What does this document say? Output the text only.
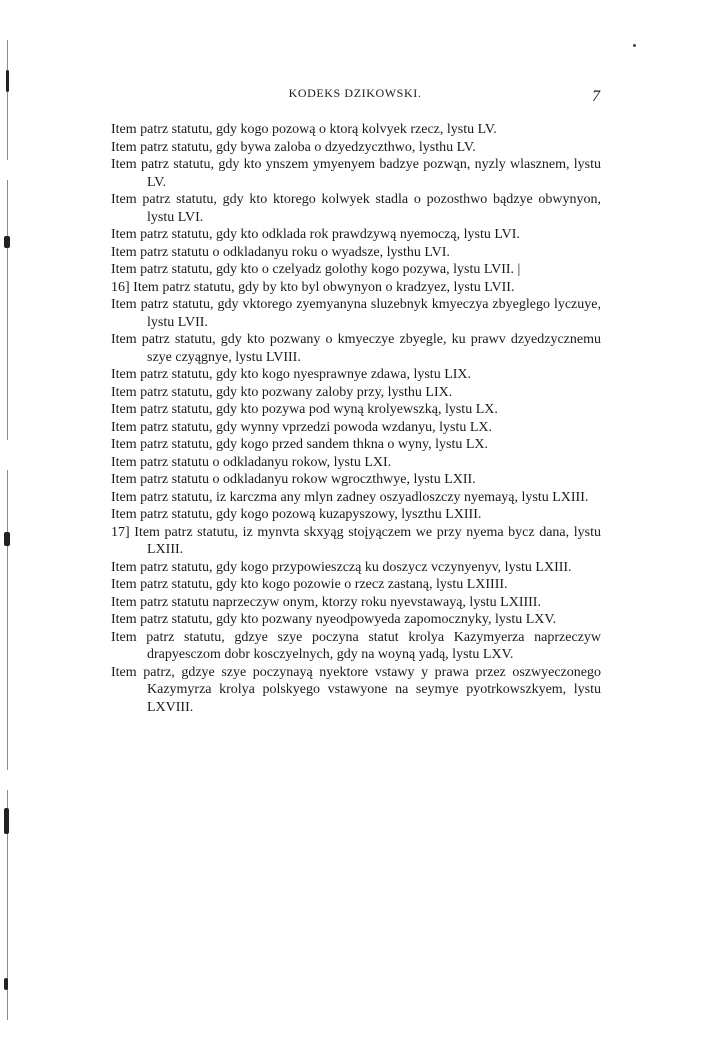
KODEKS DZIKOWSKI.	7

Item patrz statutu, gdy kogo pozową o ktorą kolvyek rzecz, lystu LV.

Item patrz statutu, gdy bywa zaloba o dzyedzyczthwo, lysthu LV.

Item patrz statutu, gdy kto ynszem ymyenyem badzye pozwąn, nyzly wlasznem, lystu LV.

Item patrz statutu, gdy kto ktorego kolwyek stadla o pozosthwo bądzye obwynyon, lystu LVI.

Item patrz statutu, gdy kto odklada rok prawdzywą nyemoczą, lystu LVI.

Item patrz statutu o odkladanyu roku o wyadsze, lysthu LVI.

Item patrz statutu, gdy kto o czelyadz golothy kogo pozywa, lystu LVII. |

16] Item patrz statutu, gdy by kto byl obwynyon o kradzyez, lystu LVII.

Item patrz statutu, gdy vktorego zyemyanyna sluzebnyk kmyeczya zbyeglego lyczuye, lystu LVII.

Item patrz statutu, gdy kto pozwany o kmyeczye zbyegle, ku prawv dzyedzycznemu szye czyągnye, lystu LVIII.

Item patrz statutu, gdy kto kogo nyesprawnye zdawa, lystu LIX.

Item patrz statutu, gdy kto pozwany zaloby przy, lysthu LIX.

Item patrz statutu, gdy kto pozywa pod wyną krolyewszką, lystu LX.

Item patrz statutu, gdy wynny vprzedzi powoda wzdanyu, lystu LX.

Item patrz statutu, gdy kogo przed sandem thkna o wyny, lystu LX.

Item patrz statutu o odkladanyu rokow, lystu LXI.

Item patrz statutu o odkladanyu rokow wgroczthwye, lystu LXII.

Item patrz statutu, iz karczma any mlyn zadney oszyadloszczy nyemayą, lystu LXIII.

Item patrz statutu, gdy kogo pozową kuzapyszowy, lyszthu LXIII.

17] Item patrz statutu, iz mynvta skxyąg stoįyączem we przy nyema bycz dana, lystu LXIII.

Item patrz statutu, gdy kogo przypowieszczą ku doszycz vczynyenyv, lystu LXIII.

Item patrz statutu, gdy kto kogo pozowie o rzecz zastaną, lystu LXIIII.

Item patrz statutu naprzeczyw onym, ktorzy roku nyevstawayą, lystu LXIIII.

Item patrz statutu, gdy kto pozwany nyeodpowyeda zapomocznyky, lystu LXV.

Item patrz statutu, gdzye szye poczyna statut krolya Kazymyerza naprzeczyw drapyesczom dobr kosczyelnych, gdy na woyną yadą, lystu LXV.

Item patrz, gdzye szye poczynayą nyektore vstawy y prawa przez oszwyeczonego Kazymyrza krolya polskyego vstawyone na seymye pyotrkowszkyem, lystu LXVIII.
